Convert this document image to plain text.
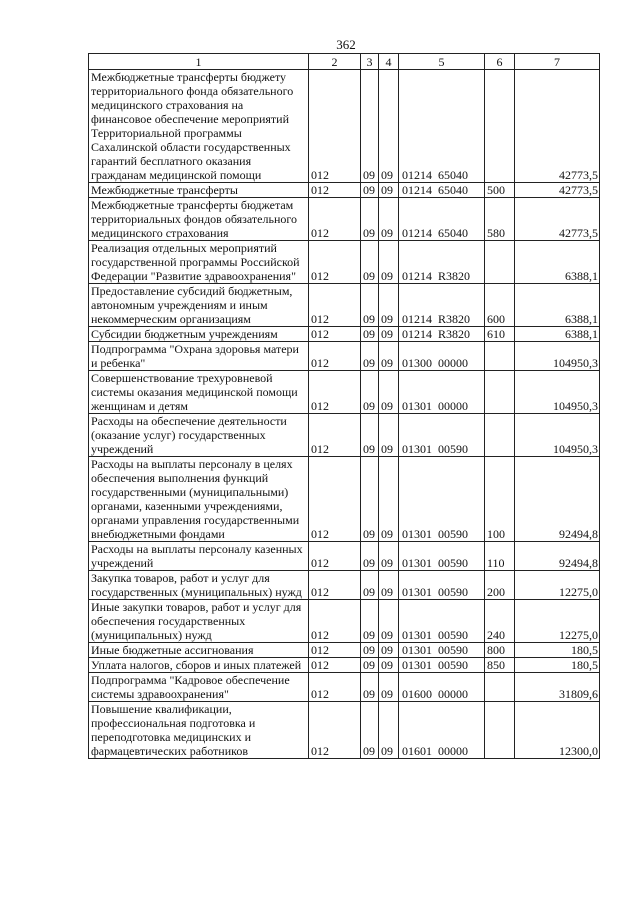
362
1	2	3	4	5	6	7
Межбюджетные трансферты бюджету территориального фонда обязательного медицинского страхования на финансовое обеспечение мероприятий Территориальной программы Сахалинской области государственных гарантий бесплатного оказания гражданам медицинской помощи	012	09	09	01214  65040		42773,5
Межбюджетные трансферты	012	09	09	01214  65040	500	42773,5
Межбюджетные трансферты бюджетам территориальных фондов обязательного медицинского страхования	012	09	09	01214  65040	580	42773,5
Реализация отдельных мероприятий государственной программы Российской Федерации "Развитие здравоохранения"	012	09	09	01214  R3820		6388,1
Предоставление субсидий бюджетным, автономным учреждениям и иным некоммерческим организациям	012	09	09	01214  R3820	600	6388,1
Субсидии бюджетным учреждениям	012	09	09	01214  R3820	610	6388,1
Подпрограмма "Охрана здоровья матери и ребенка"	012	09	09	01300  00000		104950,3
Совершенствование трехуровневой системы оказания медицинской помощи женщинам и детям	012	09	09	01301  00000		104950,3
Расходы на обеспечение деятельности (оказание услуг) государственных учреждений	012	09	09	01301  00590		104950,3
Расходы на выплаты персоналу в целях обеспечения выполнения функций государственными (муниципальными) органами, казенными учреждениями, органами управления государственными внебюджетными фондами	012	09	09	01301  00590	100	92494,8
Расходы на выплаты персоналу казенных учреждений	012	09	09	01301  00590	110	92494,8
Закупка товаров, работ и услуг для государственных (муниципальных) нужд	012	09	09	01301  00590	200	12275,0
Иные закупки товаров, работ и услуг для обеспечения государственных (муниципальных) нужд	012	09	09	01301  00590	240	12275,0
Иные бюджетные ассигнования	012	09	09	01301  00590	800	180,5
Уплата налогов, сборов и иных платежей	012	09	09	01301  00590	850	180,5
Подпрограмма "Кадровое обеспечение системы здравоохранения"	012	09	09	01600  00000		31809,6
Повышение квалификации, профессиональная подготовка и переподготовка медицинских и фармацевтических работников	012	09	09	01601  00000		12300,0
